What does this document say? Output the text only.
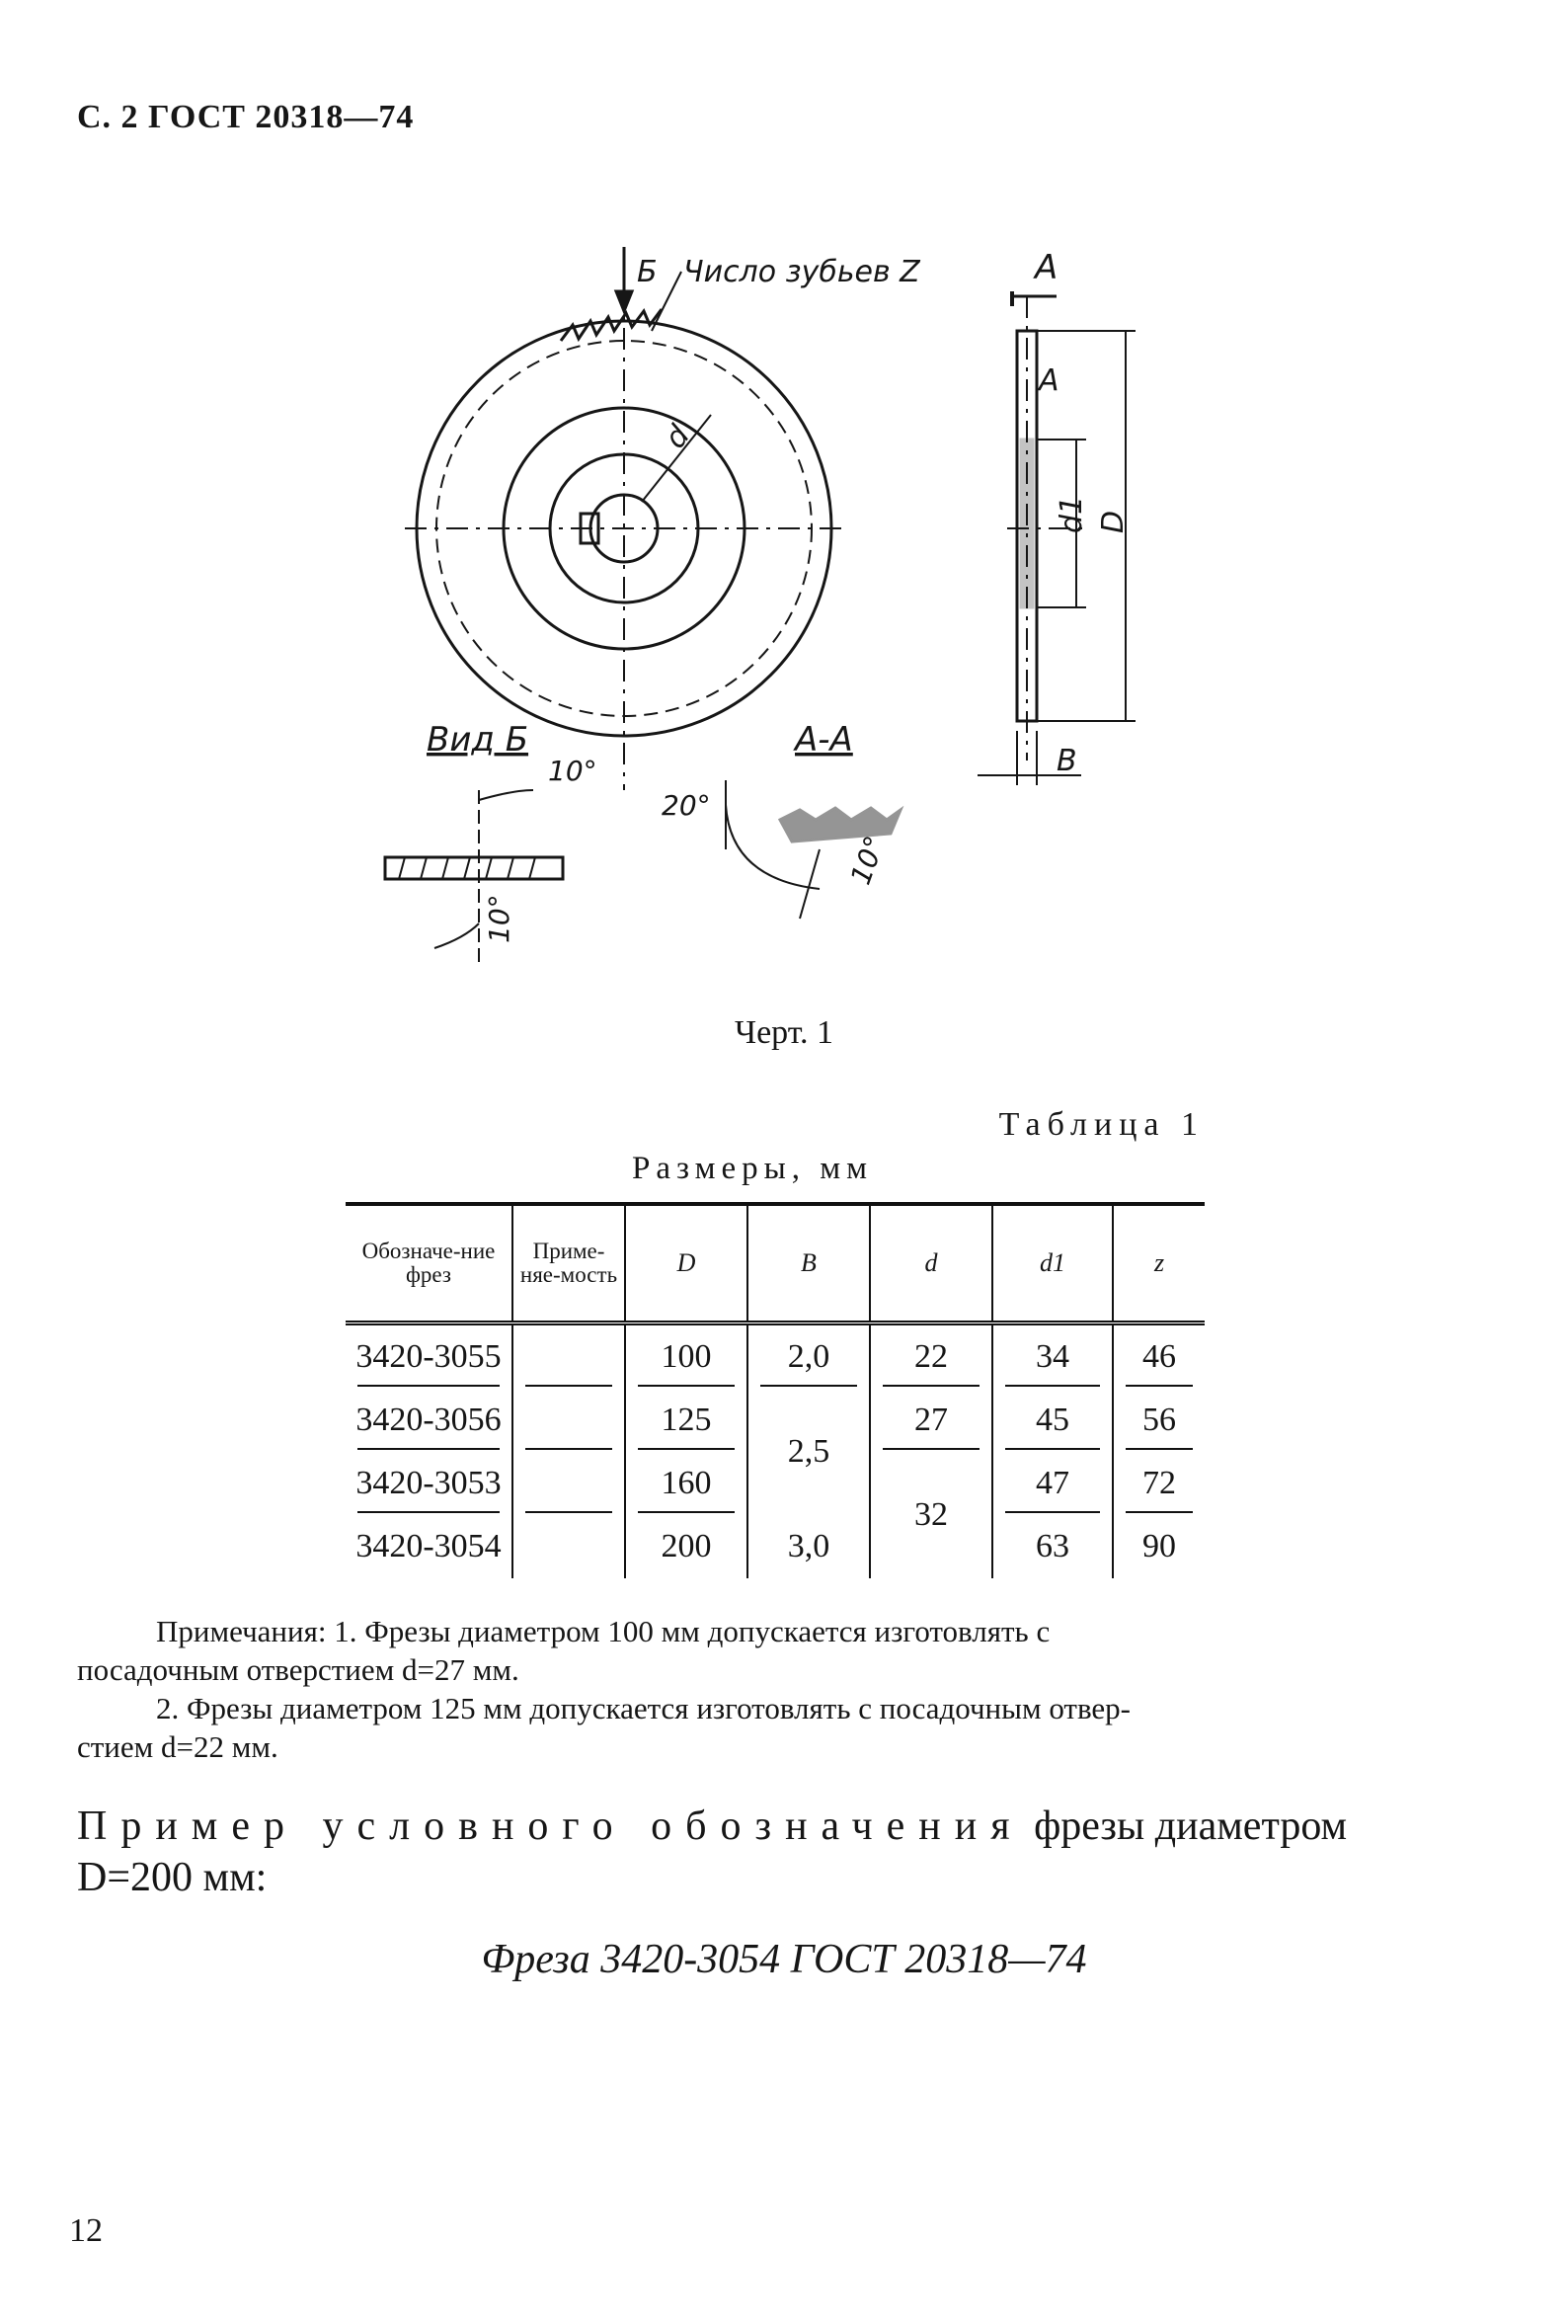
С. 2 ГОСТ 20318—74
Б Число зубьев Z
d
А
А
d1 D
B
Вид Б	А-А
10°
10°
20°
10°
Черт. 1
Таблица 1
Размеры, мм
Обозначе-ние фрез	Приме-няе-мость	D	B	d	d1	z
3420-3055		100	2,0	22	34	46
3420-3056		125	2,5	27	45	56
3420-3053		160		32	47	72
3420-3054		200	3,0		63	90

Примечания: 1. Фрезы диаметром 100 мм допускается изготовлять с

посадочным отверстием d=27 мм.

2. Фрезы диаметром 125 мм допускается изготовлять с посадочным отвер-

стием d=22 мм.

Пример условного обозначения фрезы диаметром
D=200 мм:
Фреза 3420-3054 ГОСТ 20318—74
12
